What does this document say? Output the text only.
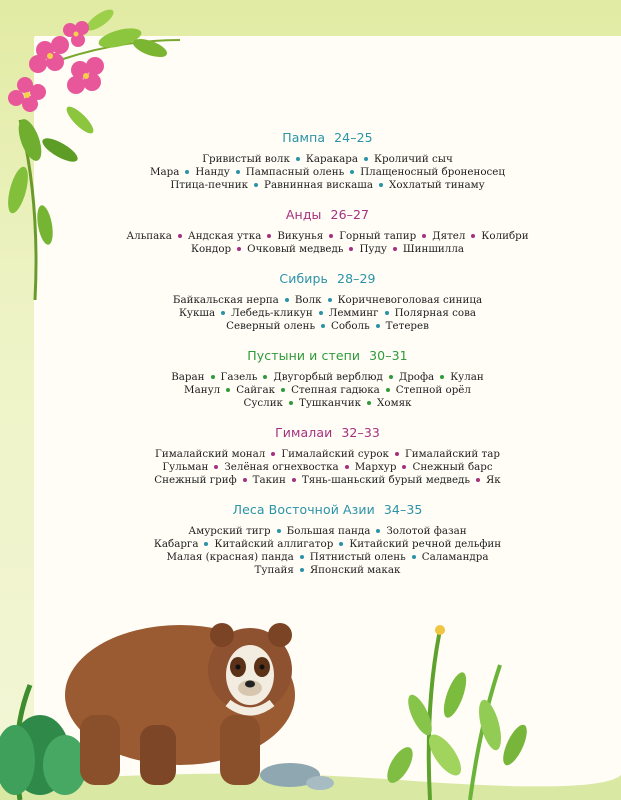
Пампа 24–25
Гривистый волк Каракара Кроличий сыч
Мара Нанду Пампасный олень Плащеносный броненосец
Птица-печник Равнинная вискаша Хохлатый тинаму
Анды 26–27
Альпака Андская утка Викунья Горный тапир Дятел Колибри
Кондор Очковый медведь Пуду Шиншилла
Сибирь 28–29
Байкальская нерпа Волк Коричневоголовая синица
Кукша Лебедь-кликун Лемминг Полярная сова
Северный олень Соболь Тетерев
Пустыни и степи 30–31
Варан Газель Двугорбый верблюд Дрофа Кулан
Манул Сайгак Степная гадюка Степной орёл
Суслик Тушканчик Хомяк
Гималаи 32–33
Гималайский монал Гималайский сурок Гималайский тар
Гульман Зелёная огнехвостка Мархур Снежный барс
Снежный гриф Такин Тянь-шаньский бурый медведь Як
Леса Восточной Азии 34–35
Амурский тигр Большая панда Золотой фазан
Кабарга Китайский аллигатор Китайский речной дельфин
Малая (красная) панда Пятнистый олень Саламандра
Тупайя Японский макак
